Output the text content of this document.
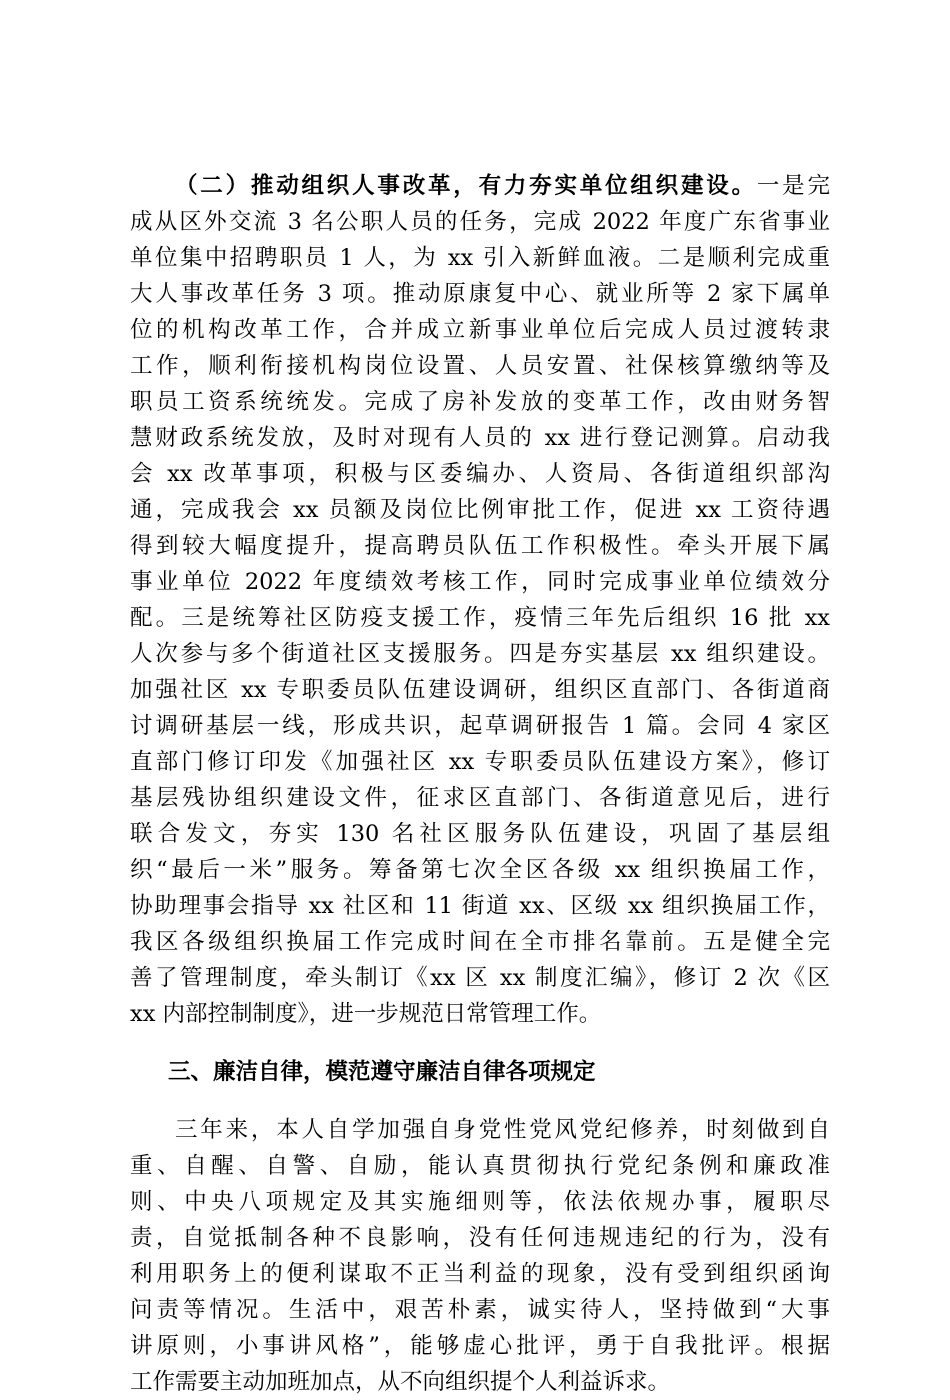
（二）推动组织人事改革，有力夯实单位组织建设。一是完
成从区外交流 3 名公职人员的任务，完成 2022 年度广东省事业
单位集中招聘职员 1 人，为 xx 引入新鲜血液。二是顺利完成重
大人事改革任务 3 项。推动原康复中心、就业所等 2 家下属单
位的机构改革工作，合并成立新事业单位后完成人员过渡转隶
工作，顺利衔接机构岗位设置、人员安置、社保核算缴纳等及
职员工资系统统发。完成了房补发放的变革工作，改由财务智
慧财政系统发放，及时对现有人员的 xx 进行登记测算。启动我
会 xx 改革事项，积极与区委编办、人资局、各街道组织部沟
通，完成我会 xx 员额及岗位比例审批工作，促进 xx 工资待遇
得到较大幅度提升，提高聘员队伍工作积极性。牵头开展下属
事业单位 2022 年度绩效考核工作，同时完成事业单位绩效分
配。三是统筹社区防疫支援工作，疫情三年先后组织 16 批 xx
人次参与多个街道社区支援服务。四是夯实基层 xx 组织建设。
加强社区 xx 专职委员队伍建设调研，组织区直部门、各街道商
讨调研基层一线，形成共识，起草调研报告 1 篇。会同 4 家区
直部门修订印发《加强社区 xx 专职委员队伍建设方案》，修订
基层残协组织建设文件，征求区直部门、各街道意见后，进行
联合发文，夯实 130 名社区服务队伍建设，巩固了基层组
织“最后一米”服务。筹备第七次全区各级 xx 组织换届工作，
协助理事会指导 xx 社区和 11 街道 xx、区级 xx 组织换届工作，
我区各级组织换届工作完成时间在全市排名靠前。五是健全完
善了管理制度，牵头制订《xx 区 xx 制度汇编》，修订 2 次《区
xx 内部控制制度》，进一步规范日常管理工作。
三、廉洁自律，模范遵守廉洁自律各项规定
三年来，本人自学加强自身党性党风党纪修养，时刻做到自
重、自醒、自警、自励，能认真贯彻执行党纪条例和廉政准
则、中央八项规定及其实施细则等，依法依规办事，履职尽
责，自觉抵制各种不良影响，没有任何违规违纪的行为，没有
利用职务上的便利谋取不正当利益的现象，没有受到组织函询
问责等情况。生活中，艰苦朴素，诚实待人，坚持做到“大事
讲原则，小事讲风格”，能够虚心批评，勇于自我批评。根据
工作需要主动加班加点，从不向组织提个人利益诉求。
